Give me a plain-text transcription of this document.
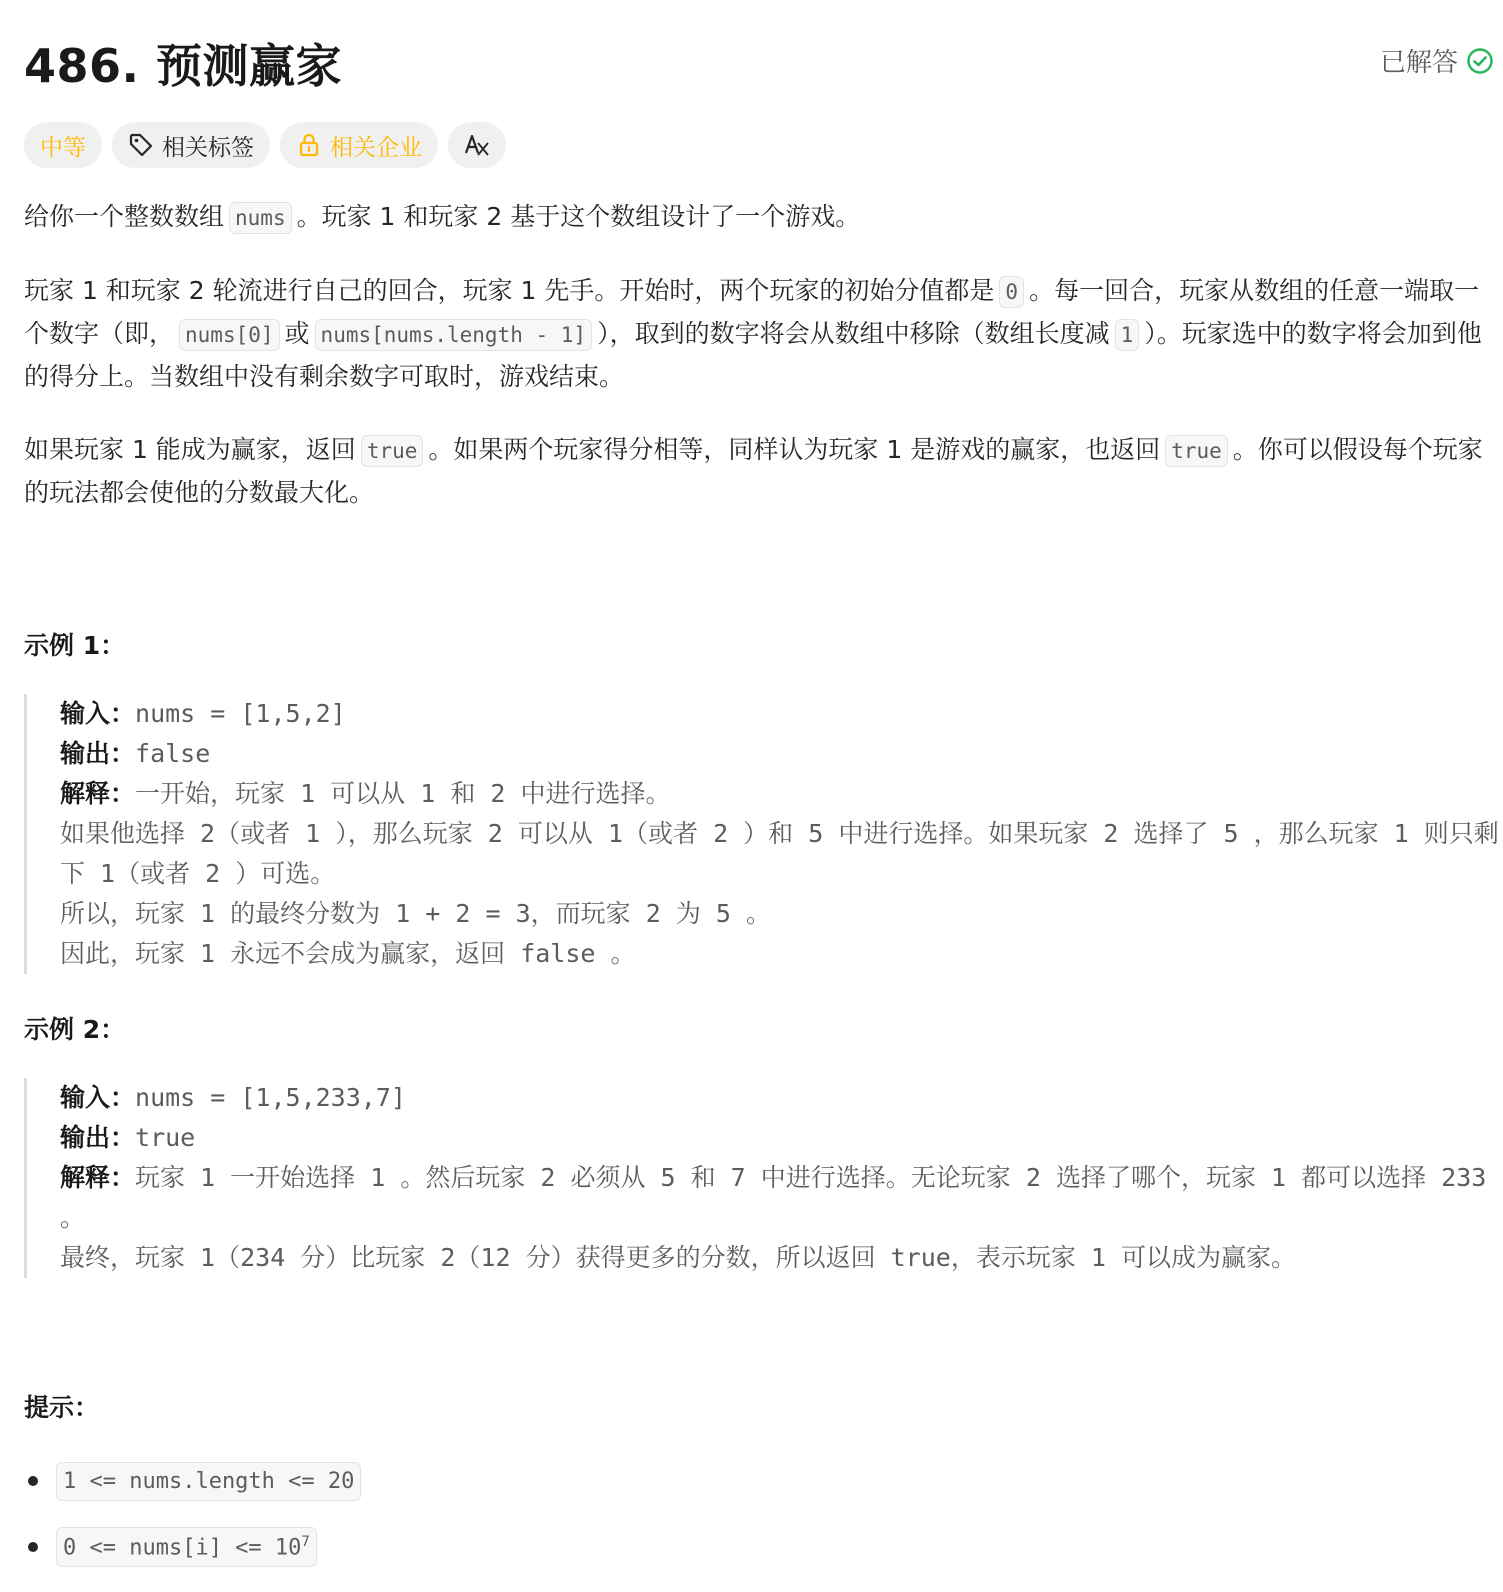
486. 预测赢家	已解答
中等	相关标签	相关企业

给你一个整数数组 nums 。玩家 1 和玩家 2 基于这个数组设计了一个游戏。

玩家 1 和玩家 2 轮流进行自己的回合，玩家 1 先手。开始时，两个玩家的初始分值都是 0 。每一回合，玩家从数组的任意一端取一个数字（即， nums[0] 或 nums[nums.length - 1] ），取到的数字将会从数组中移除（数组长度减 1 ）。玩家选中的数字将会加到他的得分上。当数组中没有剩余数字可取时，游戏结束。

如果玩家 1 能成为赢家，返回 true 。如果两个玩家得分相等，同样认为玩家 1 是游戏的赢家，也返回 true 。你可以假设每个玩家的玩法都会使他的分数最大化。

示例 1：
输入：nums = [1,5,2]
输出：false
解释：一开始，玩家 1 可以从 1 和 2 中进行选择。
如果他选择 2（或者 1 ），那么玩家 2 可以从 1（或者 2 ）和 5 中进行选择。如果玩家 2 选择了 5 ，那么玩家 1 则只剩下 1（或者 2 ）可选。
所以，玩家 1 的最终分数为 1 + 2 = 3，而玩家 2 为 5 。
因此，玩家 1 永远不会成为赢家，返回 false 。
示例 2：
输入：nums = [1,5,233,7]
输出：true
解释：玩家 1 一开始选择 1 。然后玩家 2 必须从 5 和 7 中进行选择。无论玩家 2 选择了哪个，玩家 1 都可以选择 233 。
最终，玩家 1（234 分）比玩家 2（12 分）获得更多的分数，所以返回 true，表示玩家 1 可以成为赢家。
提示：
1 <= nums.length <= 20
0 <= nums[i] <= $10^7$
